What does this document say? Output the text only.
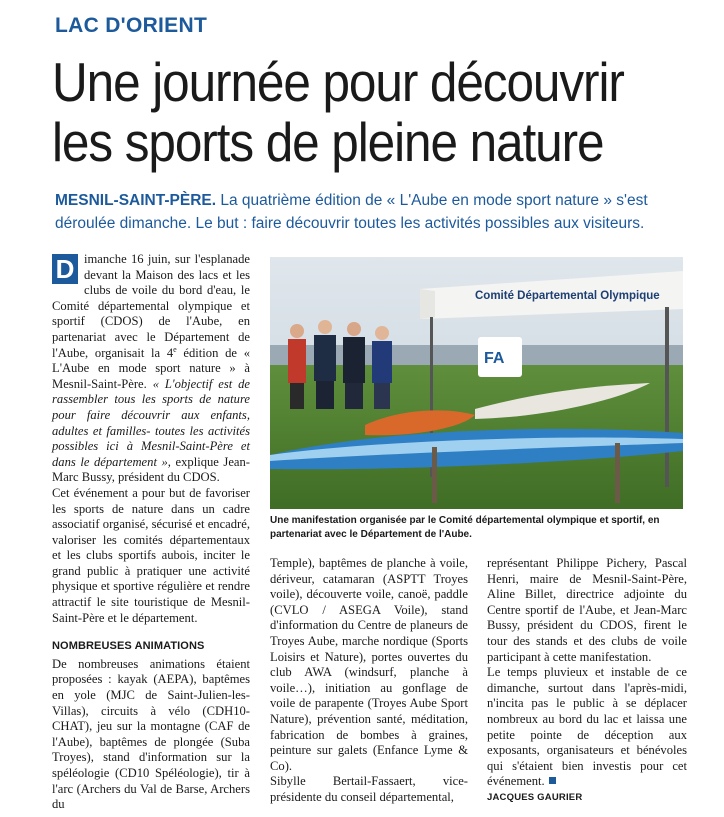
LAC D'ORIENT
Une journée pour découvrir
les sports de pleine nature
MESNIL-SAINT-PÈRE. La quatrième édition de « L'Aube en mode sport nature » s'est déroulée dimanche. Le but : faire découvrir toutes les activités possibles aux visiteurs.

D imanche 16 juin, sur l'esplanade devant la Maison des lacs et les clubs de voile du bord d'eau, le Comité départemental olympique et sportif (CDOS) de l'Aube, en partenariat avec le Département de l'Aube, organisait la 4e édition de « L'Aube en mode sport nature » à Mesnil-Saint-Père. « L'objectif est de rassembler tous les sports de nature pour faire découvrir aux enfants, adultes et familles- toutes les activités possibles ici à Mesnil-Saint-Père et dans le département », explique Jean-Marc Bussy, président du CDOS.

Cet événement a pour but de favoriser les sports de nature dans un cadre associatif organisé, sécurisé et encadré, valoriser les comités départementaux et les clubs sportifs aubois, inciter le grand public à pratiquer une activité physique et sportive régulière et rendre attractif le site touristique de Mesnil-Saint-Père et le département.

NOMBREUSES ANIMATIONS

De nombreuses animations étaient proposées : kayak (AEPA), baptêmes en yole (MJC de Saint-Julien-les-Villas), circuits à vélo (CDH10-CHAT), jeu sur la montagne (CAF de l'Aube), baptêmes de plongée (Suba Troyes), stand d'information sur la spéléologie (CD10 Spéléologie), tir à l'arc (Archers du Val de Barse, Archers du

Comité Départemental Olympique
FA
Une manifestation organisée par le Comité départemental olympique et sportif, en partenariat avec le Département de l'Aube.

Temple), baptêmes de planche à voile, dériveur, catamaran (ASPTT Troyes voile), découverte voile, canoë, paddle (CVLO / ASEGA Voile), stand d'information du Centre de planeurs de Troyes Aube, marche nordique (Sports Loisirs et Nature), portes ouvertes du club AWA (windsurf, planche à voile…), initiation au gonflage de voile de parapente (Troyes Aube Sport Nature), prévention santé, méditation, fabrication de bombes à graines, peinture sur galets (Enfance Lyme & Co).

Sibylle Bertail-Fassaert, vice-présidente du conseil départemental,

représentant Philippe Pichery, Pascal Henri, maire de Mesnil-Saint-Père, Aline Billet, directrice adjointe du Centre sportif de l'Aube, et Jean-Marc Bussy, président du CDOS, firent le tour des stands et des clubs de voile participant à cette manifestation.

Le temps pluvieux et instable de ce dimanche, surtout dans l'après-midi, n'incita pas le public à se déplacer nombreux au bord du lac et laissa une petite pointe de déception aux exposants, organisateurs et bénévoles qui s'étaient bien investis pour cet événement.

JACQUES GAURIER
